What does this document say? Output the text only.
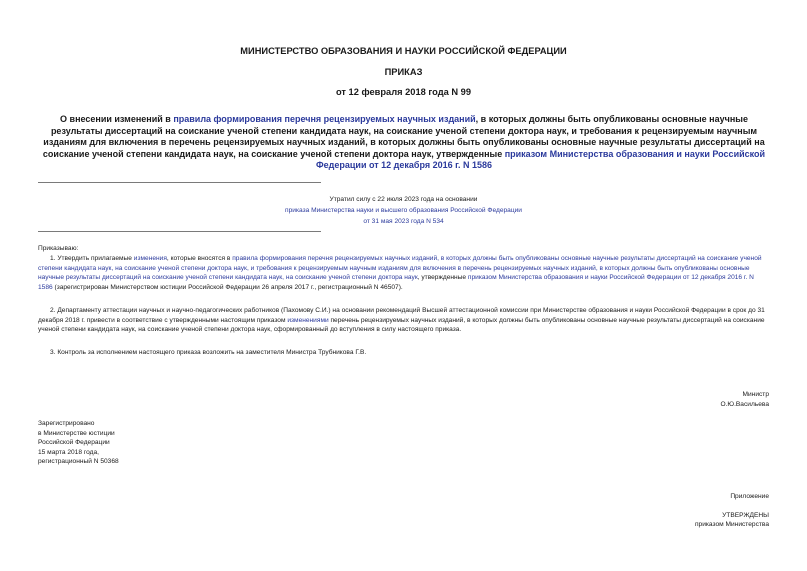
МИНИСТЕРСТВО ОБРАЗОВАНИЯ И НАУКИ РОССИЙСКОЙ ФЕДЕРАЦИИ
ПРИКАЗ
от 12 февраля 2018 года N 99
О внесении изменений в правила формирования перечня рецензируемых научных изданий, в которых должны быть опубликованы основные научные результаты диссертаций на соискание ученой степени кандидата наук, на соискание ученой степени доктора наук, и требования к рецензируемым научным изданиям для включения в перечень рецензируемых научных изданий, в которых должны быть опубликованы основные научные результаты диссертаций на соискание ученой степени кандидата наук, на соискание ученой степени доктора наук, утвержденные приказом Министерства образования и науки Российской Федерации от 12 декабря 2016 г. N 1586
Утратил силу с 22 июля 2023 года на основании
приказа Министерства науки и высшего образования Российской Федерации
от 31 мая 2023 года N 534
Приказываю:
1. Утвердить прилагаемые изменения, которые вносятся в правила формирования перечня рецензируемых научных изданий, в которых должны быть опубликованы основные научные результаты диссертаций на соискание ученой степени кандидата наук, на соискание ученой степени доктора наук, и требования к рецензируемым научным изданиям для включения в перечень рецензируемых научных изданий, в которых должны быть опубликованы основные научные результаты диссертаций на соискание ученой степени кандидата наук, на соискание ученой степени доктора наук, утвержденные приказом Министерства образования и науки Российской Федерации от 12 декабря 2016 г. N 1586 (зарегистрирован Министерством юстиции Российской Федерации 26 апреля 2017 г., регистрационный N 46507).
2. Департаменту аттестации научных и научно-педагогических работников (Пахомову С.И.) на основании рекомендаций Высшей аттестационной комиссии при Министерстве образования и науки Российской Федерации в срок до 31 декабря 2018 г. привести в соответствие с утвержденными настоящим приказом изменениями перечень рецензируемых научных изданий, в которых должны быть опубликованы основные научные результаты диссертаций на соискание ученой степени кандидата наук, на соискание ученой степени доктора наук, сформированный до вступления в силу настоящего приказа.
3. Контроль за исполнением настоящего приказа возложить на заместителя Министра Трубникова Г.В.
Министр
О.Ю.Васильева
Зарегистрировано
в Министерстве юстиции
Российской Федерации
15 марта 2018 года,
регистрационный N 50368
Приложение
УТВЕРЖДЕНЫ
приказом Министерства
